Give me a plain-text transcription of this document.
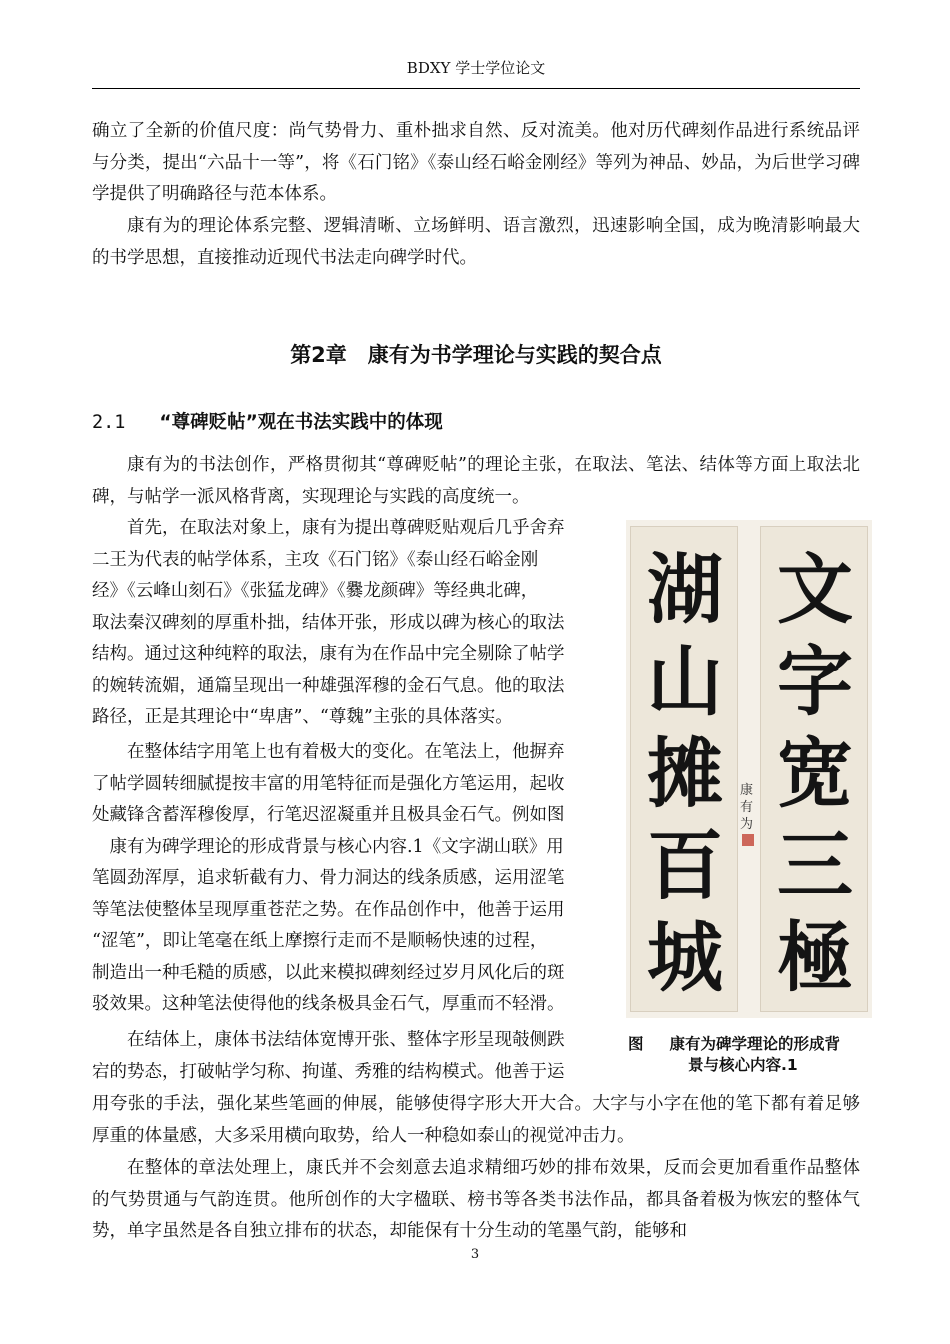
BDXY 学士学位论文

确立了全新的价值尺度：尚气势骨力、重朴拙求自然、反对流美。他对历代碑刻作品进行系统品评与分类，提出“六品十一等”，将《石门铭》《泰山经石峪金刚经》等列为神品、妙品，为后世学习碑学提供了明确路径与范本体系。

康有为的理论体系完整、逻辑清晰、立场鲜明、语言激烈，迅速影响全国，成为晚清影响最大的书学思想，直接推动近现代书法走向碑学时代。

第2章　康有为书学理论与实践的契合点
2.1 “尊碑贬帖”观在书法实践中的体现

康有为的书法创作，严格贯彻其“尊碑贬帖”的理论主张，在取法、笔法、结体等方面上取法北碑，与帖学一派风格背离，实现理论与实践的高度统一。

　　首先，在取法对象上，康有为提出尊碑贬贴观后几乎舍弃
二王为代表的帖学体系，主攻《石门铭》《泰山经石峪金刚
经》《云峰山刻石》《张猛龙碑》《爨龙颜碑》等经典北碑，
取法秦汉碑刻的厚重朴拙，结体开张，形成以碑为核心的取法
结构。通过这种纯粹的取法，康有为在作品中完全剔除了帖学
的婉转流媚，通篇呈现出一种雄强浑穆的金石气息。他的取法
路径，正是其理论中“卑唐”、“尊魏”主张的具体落实。
　　在整体结字用笔上也有着极大的变化。在笔法上，他摒弃
了帖学圆转细腻提按丰富的用笔特征而是强化方笔运用，起收
处藏锋含蓄浑穆俊厚，行笔迟涩凝重并且极具金石气。例如图
　康有为碑学理论的形成背景与核心内容.1《文字湖山联》用
笔圆劲浑厚，追求斩截有力、骨力洞达的线条质感，运用涩笔
等笔法使整体呈现厚重苍茫之势。在作品创作中，他善于运用
“涩笔”，即让笔毫在纸上摩擦行走而不是顺畅快速的过程，
制造出一种毛糙的质感，以此来模拟碑刻经过岁月风化后的斑
驳效果。这种笔法使得他的线条极具金石气，厚重而不轻滑。
　　在结体上，康体书法结体宽博开张、整体字形呈现攲侧跌
宕的势态，打破帖学匀称、拘谨、秀雅的结构模式。他善于运

用夸张的手法，强化某些笔画的伸展，能够使得字形大开大合。大字与小字在他的笔下都有着足够厚重的体量感，大多采用横向取势，给人一种稳如泰山的视觉冲击力。

在整体的章法处理上，康氏并不会刻意去追求精细巧妙的排布效果，反而会更加看重作品整体的气势贯通与气韵连贯。他所创作的大字楹联、榜书等各类书法作品，都具备着极为恢宏的整体气势，单字虽然是各自独立排布的状态，却能保有十分生动的笔墨气韵，能够和

湖
山
摊
百
城
康有为
文
字
宽
三
極
图 康有为碑学理论的形成背
景与核心内容.1
3
